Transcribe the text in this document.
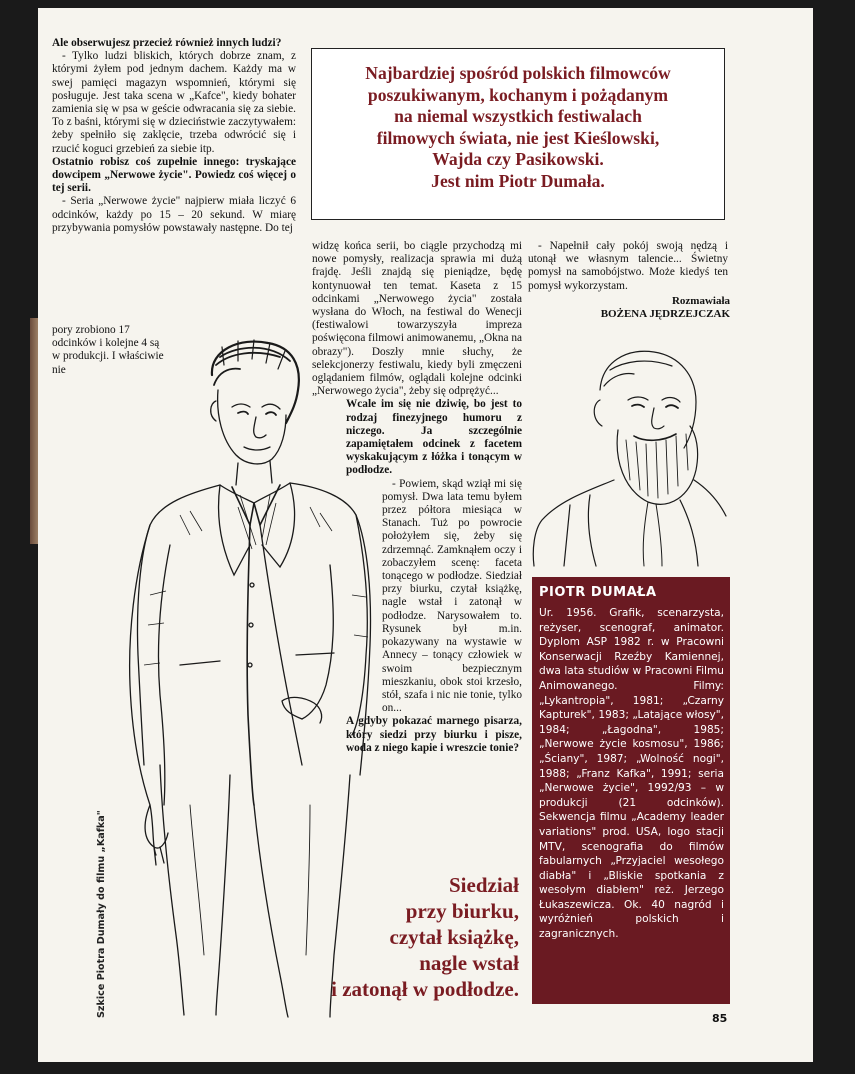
Ale obserwujesz przecież również innych ludzi?

- Tylko ludzi bliskich, których dobrze znam, z którymi żyłem pod jednym dachem. Każdy ma w swej pamięci magazyn wspomnień, którymi się posługuje. Jest taka scena w „Kafce", kiedy bohater zamienia się w psa w geście odwracania się za siebie. To z baśni, którymi się w dzieciństwie zaczytywałem: żeby spełniło się zaklęcie, trzeba odwrócić się i rzucić koguci grzebień za siebie itp.

Ostatnio robisz coś zupełnie innego: tryskające dowcipem „Nerwowe życie". Powiedz coś więcej o tej serii.

- Seria „Nerwowe życie" najpierw miała liczyć 6 odcinków, każdy po 15 – 20 sekund. W miarę przybywania pomysłów powstawały następne. Do tej

pory zrobiono 17 odcinków i kolejne 4 są w produkcji. I właściwie nie

Najbardziej spośród polskich filmowców
poszukiwanym, kochanym i pożądanym
na niemal wszystkich festiwalach
filmowych świata, nie jest Kieślowski,
Wajda czy Pasikowski.
Jest nim Piotr Dumała.

widzę końca serii, bo ciągle przychodzą mi nowe pomysły, realizacja sprawia mi dużą frajdę. Jeśli znajdą się pieniądze, będę kontynuował ten temat. Kaseta z 15 odcinkami „Nerwowego życia" została wysłana do Włoch, na festiwal do Wenecji (festiwalowi towarzyszyła impreza poświęcona filmowi animowanemu, „Okna na obrazy"). Doszły mnie słuchy, że selekcjonerzy festiwalu, kiedy byli zmęczeni oglądaniem filmów, oglądali kolejne odcinki „Nerwowego życia", żeby się odprężyć...

Wcale im się nie dziwię, bo jest to rodzaj finezyjnego humoru z niczego. Ja szczególnie zapamiętałem odcinek z facetem wyskakującym z łóżka i tonącym w podłodze.

- Powiem, skąd wziął mi się pomysł. Dwa lata temu byłem przez półtora miesiąca w Stanach. Tuż po powrocie położyłem się, żeby się zdrzemnąć. Zamknąłem oczy i zobaczyłem scenę: faceta tonącego w podłodze. Siedział przy biurku, czytał książkę, nagle wstał i zatonął w podłodze. Narysowałem to. Rysunek był m.in. pokazywany na wystawie w Annecy – tonący człowiek w swoim bezpiecznym mieszkaniu, obok stoi krzesło, stół, szafa i nic nie tonie, tylko on...

A gdyby pokazać marnego pisarza, który siedzi przy biurku i pisze, woda z niego kapie i wreszcie tonie?

- Napełnił cały pokój swoją nędzą i utonął we własnym talencie... Świetny pomysł na samobójstwo. Może kiedyś ten pomysł wykorzystam.

Rozmawiała
BOŻENA JĘDRZEJCZAK
PIOTR DUMAŁA
Ur. 1956. Grafik, scenarzysta, reżyser, scenograf, animator. Dyplom ASP 1982 r. w Pracowni Konserwacji Rzeźby Kamiennej, dwa lata studiów w Pracowni Filmu Animowanego. Filmy: „Lykantropia", 1981; „Czarny Kapturek", 1983; „Latające włosy", 1984; „Łagodna", 1985; „Nerwowe życie kosmosu", 1986; „Ściany", 1987; „Wolność nogi", 1988; „Franz Kafka", 1991; seria „Nerwowe życie", 1992/93 – w produkcji (21 odcinków). Sekwencja filmu „Academy leader variations" prod. USA, logo stacji MTV, scenografia do filmów fabularnych „Przyjaciel wesołego diabła" i „Bliskie spotkania z wesołym diabłem" reż. Jerzego Łukaszewicza. Ok. 40 nagród i wyróżnień polskich i zagranicznych.
Siedział
przy biurku,
czytał książkę,
nagle wstał
i zatonął w podłodze.
Szkice Piotra Dumały do filmu „Kafka"
85
